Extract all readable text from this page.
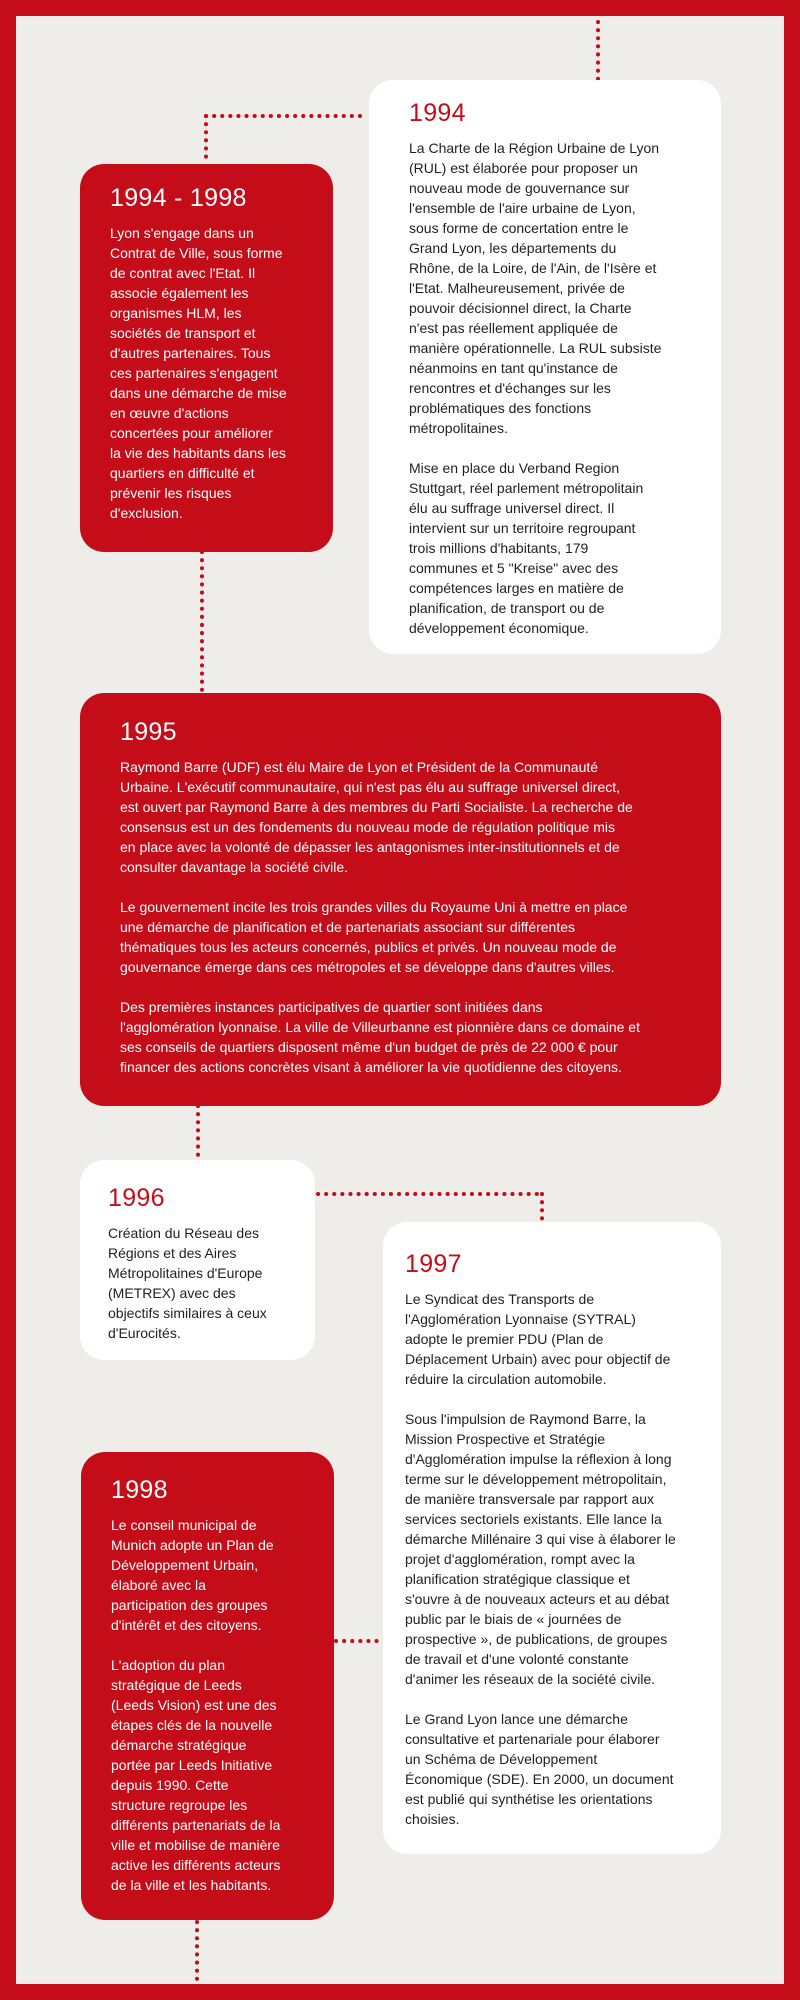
1994

La Charte de la Région Urbaine de Lyon
(RUL) est élaborée pour proposer un
nouveau mode de gouvernance sur
l'ensemble de l'aire urbaine de Lyon,
sous forme de concertation entre le
Grand Lyon, les départements du
Rhône, de la Loire, de l'Ain, de l'Isère et
l'Etat. Malheureusement, privée de
pouvoir décisionnel direct, la Charte
n'est pas réellement appliquée de
manière opérationnelle. La RUL subsiste
néanmoins en tant qu'instance de
rencontres et d'échanges sur les
problématiques des fonctions
métropolitaines.

Mise en place du Verband Region
Stuttgart, réel parlement métropolitain
élu au suffrage universel direct. Il
intervient sur un territoire regroupant
trois millions d'habitants, 179
communes et 5 "Kreise" avec des
compétences larges en matière de
planification, de transport ou de
développement économique.

1994 - 1998

Lyon s'engage dans un
Contrat de Ville, sous forme
de contrat avec l'Etat. Il
associe également les
organismes HLM, les
sociétés de transport et
d'autres partenaires. Tous
ces partenaires s'engagent
dans une démarche de mise
en œuvre d'actions
concertées pour améliorer
la vie des habitants dans les
quartiers en difficulté et
prévenir les risques
d'exclusion.

1995

Raymond Barre (UDF) est élu Maire de Lyon et Président de la Communauté
Urbaine. L'exécutif communautaire, qui n'est pas élu au suffrage universel direct,
est ouvert par Raymond Barre à des membres du Parti Socialiste. La recherche de
consensus est un des fondements du nouveau mode de régulation politique mis
en place avec la volonté de dépasser les antagonismes inter-institutionnels et de
consulter davantage la société civile.

Le gouvernement incite les trois grandes villes du Royaume Uni à mettre en place
une démarche de planification et de partenariats associant sur différentes
thématiques tous les acteurs concernés, publics et privés. Un nouveau mode de
gouvernance émerge dans ces métropoles et se développe dans d'autres villes.

Des premières instances participatives de quartier sont initiées dans
l'agglomération lyonnaise. La ville de Villeurbanne est pionnière dans ce domaine et
ses conseils de quartiers disposent même d'un budget de près de 22 000 € pour
financer des actions concrètes visant à améliorer la vie quotidienne des citoyens.

1996

Création du Réseau des
Régions et des Aires
Métropolitaines d'Europe
(METREX) avec des
objectifs similaires à ceux
d'Eurocités.

1997

Le Syndicat des Transports de
l'Agglomération Lyonnaise (SYTRAL)
adopte le premier PDU (Plan de
Déplacement Urbain) avec pour objectif de
réduire la circulation automobile.

Sous l'impulsion de Raymond Barre, la
Mission Prospective et Stratégie
d'Agglomération impulse la réflexion à long
terme sur le développement métropolitain,
de manière transversale par rapport aux
services sectoriels existants. Elle lance la
démarche Millénaire 3 qui vise à élaborer le
projet d'agglomération, rompt avec la
planification stratégique classique et
s'ouvre à de nouveaux acteurs et au débat
public par le biais de « journées de
prospective », de publications, de groupes
de travail et d'une volonté constante
d'animer les réseaux de la société civile.

Le Grand Lyon lance une démarche
consultative et partenariale pour élaborer
un Schéma de Développement
Économique (SDE). En 2000, un document
est publié qui synthétise les orientations
choisies.

1998

Le conseil municipal de
Munich adopte un Plan de
Développement Urbain,
élaboré avec la
participation des groupes
d'intérêt et des citoyens.

L'adoption du plan
stratégique de Leeds
(Leeds Vision) est une des
étapes clés de la nouvelle
démarche stratégique
portée par Leeds Initiative
depuis 1990. Cette
structure regroupe les
différents partenariats de la
ville et mobilise de manière
active les différents acteurs
de la ville et les habitants.
